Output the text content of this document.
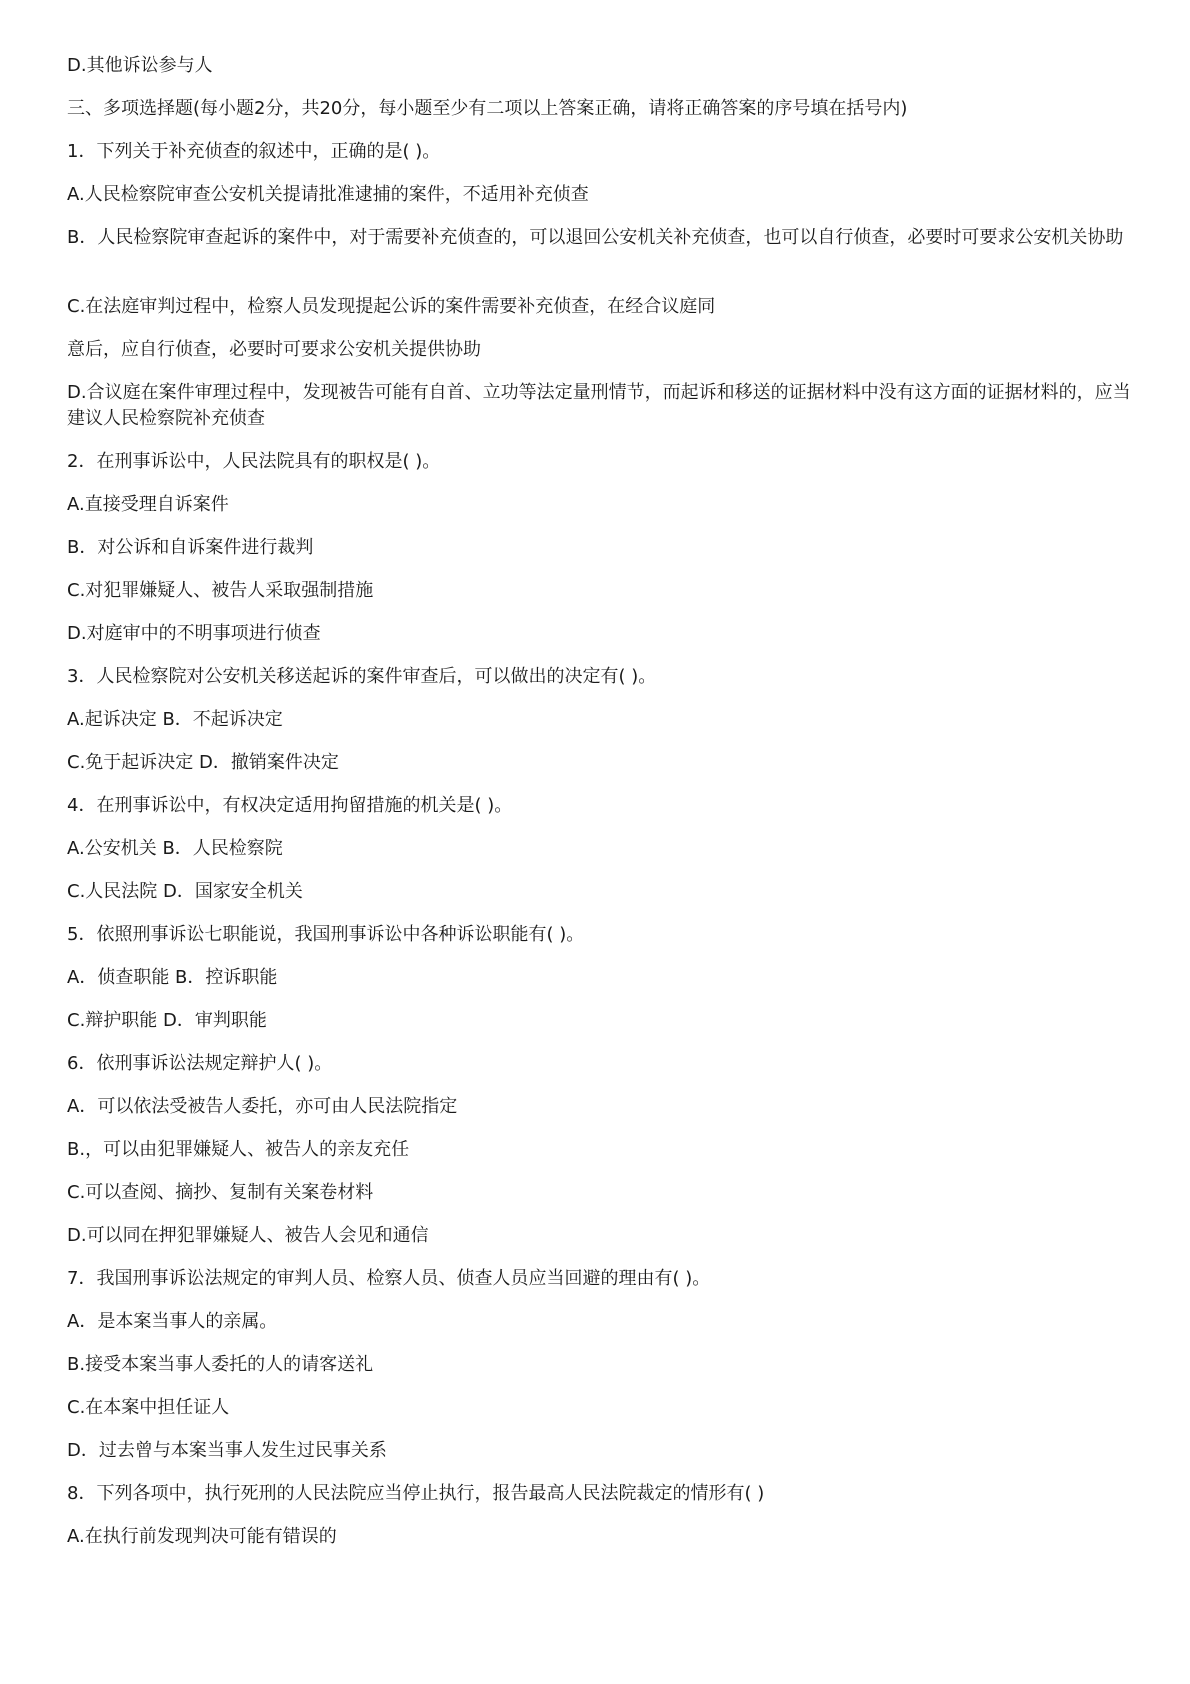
D.其他诉讼参与人
三、多项选择题(每小题2分，共20分，每小题至少有二项以上答案正确，请将正确答案的序号填在括号内)
1．下列关于补充侦查的叙述中，正确的是( )。
A.人民检察院审查公安机关提请批准逮捕的案件，不适用补充侦查
B．人民检察院审查起诉的案件中，对于需要补充侦查的，可以退回公安机关补充侦查，也可以自行侦查，必要时可要求公安机关协助
C.在法庭审判过程中，检察人员发现提起公诉的案件需要补充侦查，在经合议庭同
意后，应自行侦查，必要时可要求公安机关提供协助
D.合议庭在案件审理过程中，发现被告可能有自首、立功等法定量刑情节，而起诉和移送的证据材料中没有这方面的证据材料的，应当建议人民检察院补充侦查
2．在刑事诉讼中，人民法院具有的职权是( )。
A.直接受理自诉案件
B．对公诉和自诉案件进行裁判
C.对犯罪嫌疑人、被告人采取强制措施
D.对庭审中的不明事项进行侦查
3．人民检察院对公安机关移送起诉的案件审查后，可以做出的决定有( )。
A.起诉决定 B．不起诉决定
C.免于起诉决定 D．撤销案件决定
4．在刑事诉讼中，有权决定适用拘留措施的机关是( )。
A.公安机关 B．人民检察院
C.人民法院 D．国家安全机关
5．依照刑事诉讼七职能说，我国刑事诉讼中各种诉讼职能有( )。
A．侦查职能 B．控诉职能
C.辩护职能 D．审判职能
6．依刑事诉讼法规定辩护人( )。
A．可以依法受被告人委托，亦可由人民法院指定
B.，可以由犯罪嫌疑人、被告人的亲友充任
C.可以查阅、摘抄、复制有关案卷材料
D.可以同在押犯罪嫌疑人、被告人会见和通信
7．我国刑事诉讼法规定的审判人员、检察人员、侦查人员应当回避的理由有( )。
A．是本案当事人的亲属。
B.接受本案当事人委托的人的请客送礼
C.在本案中担任证人
D．过去曾与本案当事人发生过民事关系
8．下列各项中，执行死刑的人民法院应当停止执行，报告最高人民法院裁定的情形有( )
A.在执行前发现判决可能有错误的
